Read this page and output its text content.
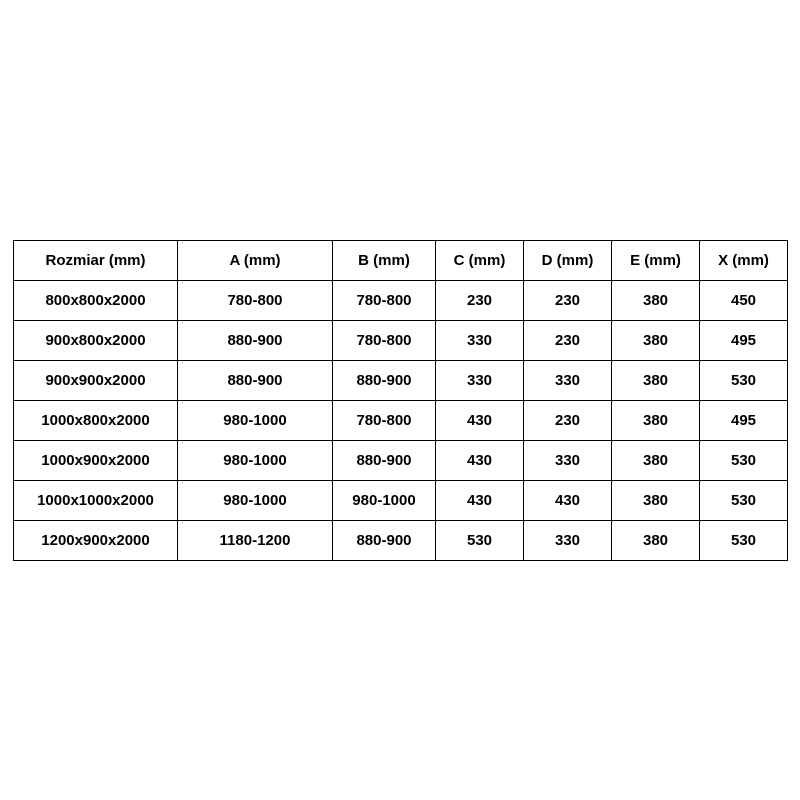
Rozmiar (mm)	A (mm)	B (mm)	C (mm)	D (mm)	E (mm)	X (mm)
800x800x2000	780-800	780-800	230	230	380	450
900x800x2000	880-900	780-800	330	230	380	495
900x900x2000	880-900	880-900	330	330	380	530
1000x800x2000	980-1000	780-800	430	230	380	495
1000x900x2000	980-1000	880-900	430	330	380	530
1000x1000x2000	980-1000	980-1000	430	430	380	530
1200x900x2000	1180-1200	880-900	530	330	380	530
